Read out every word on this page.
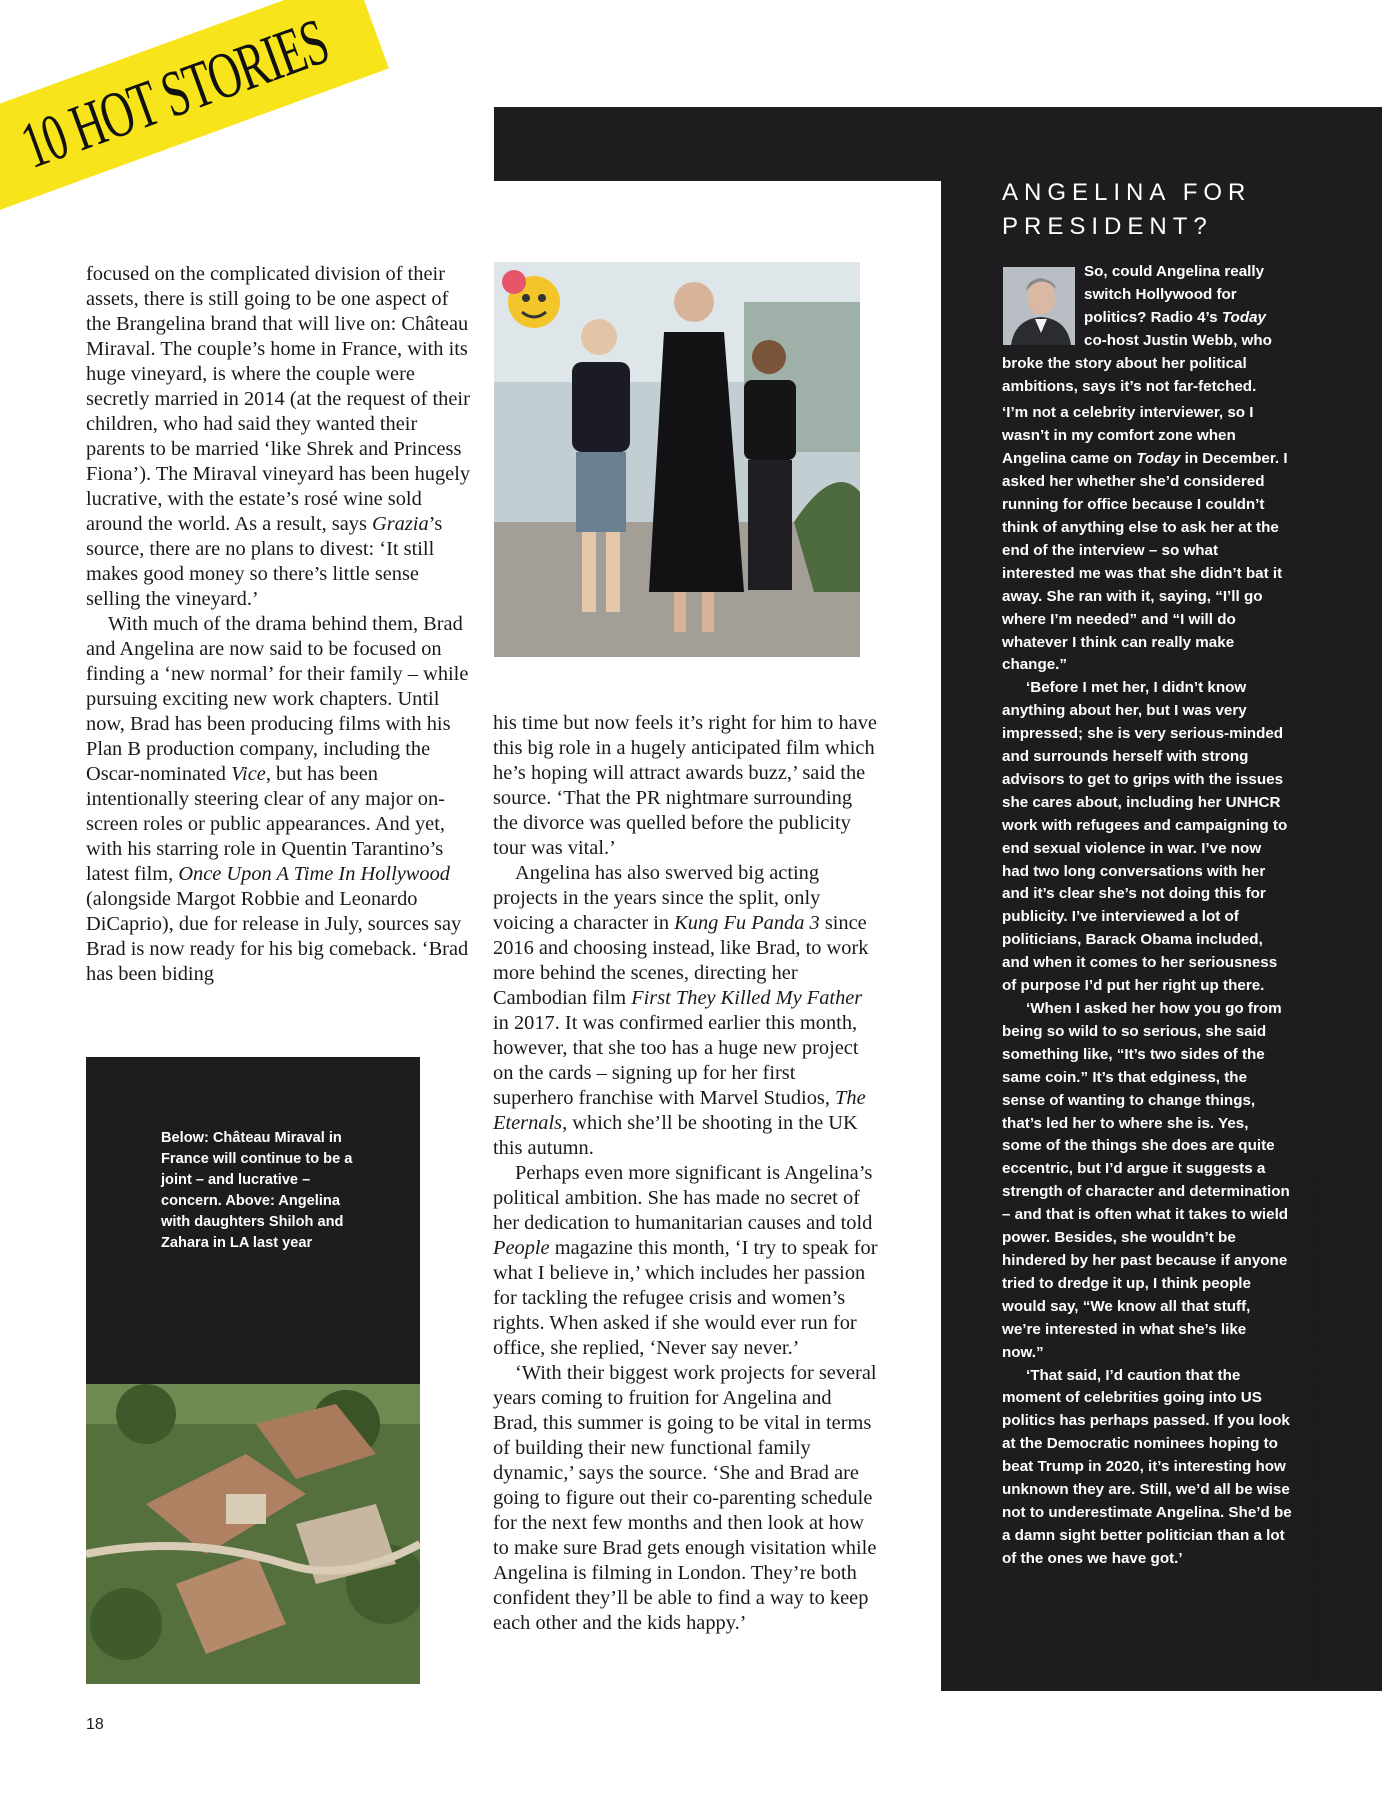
10 HOT STORIES
ANGELINA FOR PRESIDENT?

So, could Angelina really switch Hollywood for politics? Radio 4’s Today co-host Justin Webb, who broke the story about her political ambitions, says it’s not far-fetched.

‘I’m not a celebrity interviewer, so I wasn’t in my comfort zone when Angelina came on Today in December. I asked her whether she’d considered running for office because I couldn’t think of anything else to ask her at the end of the interview – so what interested me was that she didn’t bat it away. She ran with it, saying, “I’ll go where I’m needed” and “I will do whatever I think can really make change.”

‘Before I met her, I didn’t know anything about her, but I was very impressed; she is very serious-minded and surrounds herself with strong advisors to get to grips with the issues she cares about, including her UNHCR work with refugees and campaigning to end sexual violence in war. I’ve now had two long conversations with her and it’s clear she’s not doing this for publicity. I’ve interviewed a lot of politicians, Barack Obama included, and when it comes to her seriousness of purpose I’d put her right up there.

‘When I asked her how you go from being so wild to so serious, she said something like, “It’s two sides of the same coin.” It’s that edginess, the sense of wanting to change things, that’s led her to where she is. Yes, some of the things she does are quite eccentric, but I’d argue it suggests a strength of character and determination – and that is often what it takes to wield power. Besides, she wouldn’t be hindered by her past because if anyone tried to dredge it up, I think people would say, “We know all that stuff, we’re interested in what she’s like now.”

‘That said, I’d caution that the moment of celebrities going into US politics has perhaps passed. If you look at the Democratic nominees hoping to beat Trump in 2020, it’s interesting how unknown they are. Still, we’d all be wise not to underestimate Angelina. She’d be a damn sight better politician than a lot of the ones we have got.’	JUSTIN WEBB BOX: AS TOLD TO EMILY MADDICK. PHOTOS: GETTY, SHUTTERSTOCK, GOFF PHOTOS

focused on the complicated division of their assets, there is still going to be one aspect of the Brangelina brand that will live on: Château Miraval. The couple’s home in France, with its huge vineyard, is where the couple were secretly married in 2014 (at the request of their children, who had said they wanted their parents to be married ‘like Shrek and Princess Fiona’). The Miraval vineyard has been hugely lucrative, with the estate’s rosé wine sold around the world. As a result, says Grazia’s source, there are no plans to divest: ‘It still makes good money so there’s little sense selling the vineyard.’

With much of the drama behind them, Brad and Angelina are now said to be focused on finding a ‘new normal’ for their family – while pursuing exciting new work chapters. Until now, Brad has been producing films with his Plan B production company, including the Oscar-nominated Vice, but has been intentionally steering clear of any major on-screen roles or public appearances. And yet, with his starring role in Quentin Tarantino’s latest film, Once Upon A Time In Hollywood (alongside Margot Robbie and Leonardo DiCaprio), due for release in July, sources say Brad is now ready for his big comeback. ‘Brad has been biding

his time but now feels it’s right for him to have this big role in a hugely anticipated film which he’s hoping will attract awards buzz,’ said the source. ‘That the PR nightmare surrounding the divorce was quelled before the publicity tour was vital.’

Angelina has also swerved big acting projects in the years since the split, only voicing a character in Kung Fu Panda 3 since 2016 and choosing instead, like Brad, to work more behind the scenes, directing her Cambodian film First They Killed My Father in 2017. It was confirmed earlier this month, however, that she too has a huge new project on the cards – signing up for her first superhero franchise with Marvel Studios, The Eternals, which she’ll be shooting in the UK this autumn.

Perhaps even more significant is Angelina’s political ambition. She has made no secret of her dedication to humanitarian causes and told People magazine this month, ‘I try to speak for what I believe in,’ which includes her passion for tackling the refugee crisis and women’s rights. When asked if she would ever run for office, she replied, ‘Never say never.’

‘With their biggest work projects for several years coming to fruition for Angelina and Brad, this summer is going to be vital in terms of building their new functional family dynamic,’ says the source. ‘She and Brad are going to figure out their co-parenting schedule for the next few months and then look at how to make sure Brad gets enough visitation while Angelina is filming in London. They’re both confident they’ll be able to find a way to keep each other and the kids happy.’

Below: Château Miraval in France will continue to be a joint – and lucrative – concern. Above: Angelina with daughters Shiloh and Zahara in LA last year

18
